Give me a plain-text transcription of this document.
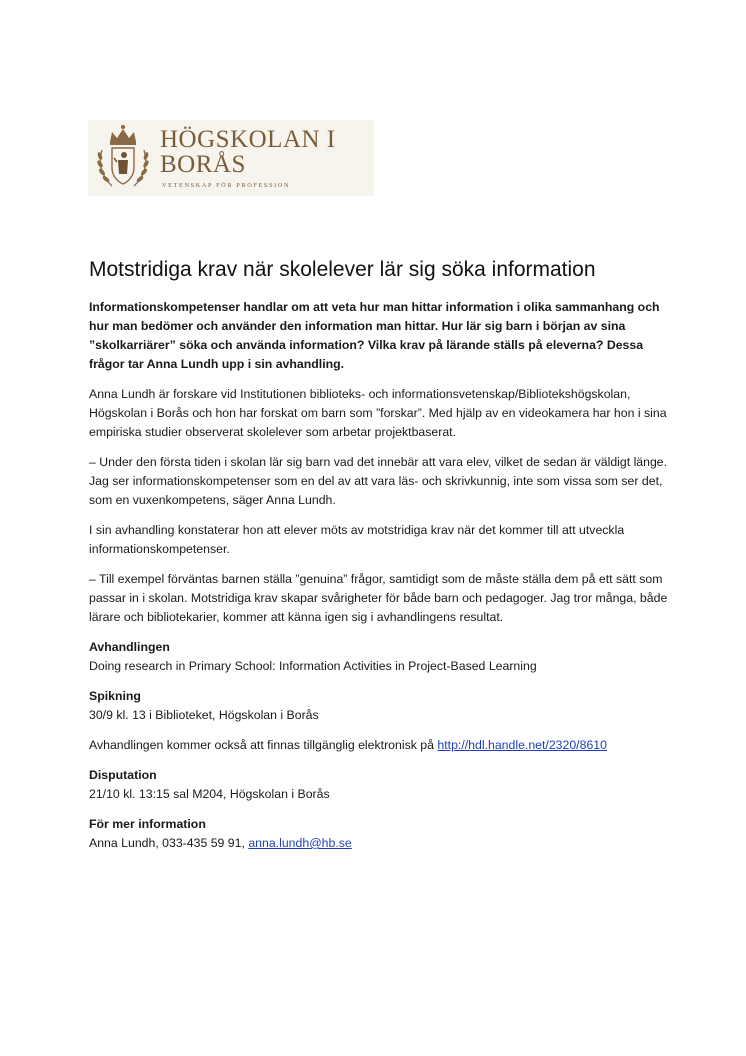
HÖGSKOLAN I BORÅS
VETENSKAP FÖR PROFESSION
Motstridiga krav när skolelever lär sig söka information

Informationskompetenser handlar om att veta hur man hittar information i olika sammanhang och hur man bedömer och använder den information man hittar. Hur lär sig barn i början av sina ”skolkarriärer” söka och använda information? Vilka krav på lärande ställs på eleverna? Dessa frågor tar Anna Lundh upp i sin avhandling.

Anna Lundh är forskare vid Institutionen biblioteks- och informationsvetenskap/Bibliotekshögskolan, Högskolan i Borås och hon har forskat om barn som ”forskar”. Med hjälp av en videokamera har hon i sina empiriska studier observerat skolelever som arbetar projektbaserat.

– Under den första tiden i skolan lär sig barn vad det innebär att vara elev, vilket de sedan är väldigt länge. Jag ser informationskompetenser som en del av att vara läs- och skrivkunnig, inte som vissa som ser det, som en vuxenkompetens, säger Anna Lundh.

I sin avhandling konstaterar hon att elever möts av motstridiga krav när det kommer till att utveckla informationskompetenser.

– Till exempel förväntas barnen ställa ”genuina” frågor, samtidigt som de måste ställa dem på ett sätt som passar in i skolan. Motstridiga krav skapar svårigheter för både barn och pedagoger. Jag tror många, både lärare och bibliotekarier, kommer att känna igen sig i avhandlingens resultat.

Avhandlingen
Doing research in Primary School: Information Activities in Project-Based Learning
Spikning
30/9 kl. 13 i Biblioteket, Högskolan i Borås
Avhandlingen kommer också att finnas tillgänglig elektronisk på http://hdl.handle.net/2320/8610
Disputation
21/10 kl. 13:15 sal M204, Högskolan i Borås
För mer information
Anna Lundh, 033-435 59 91, anna.lundh@hb.se
